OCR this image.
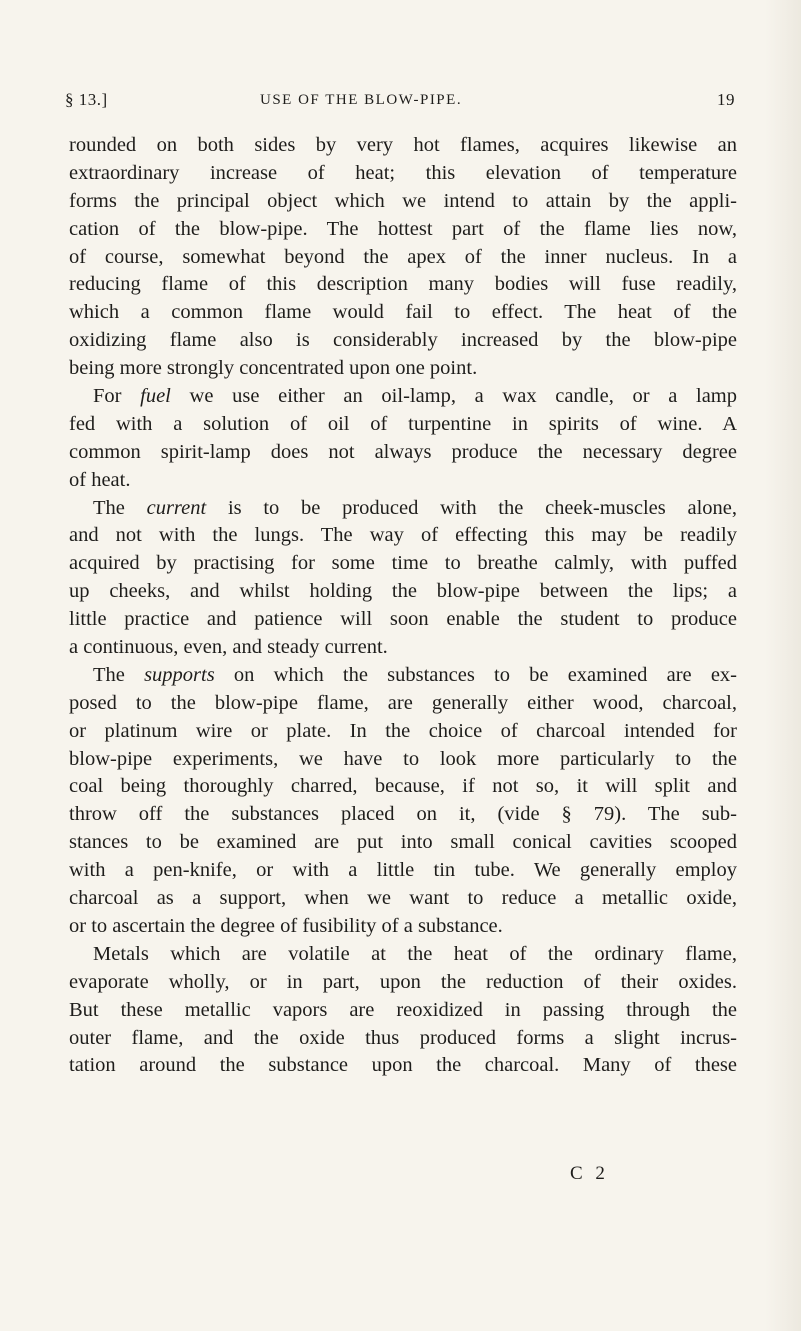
§ 13.]	USE OF THE BLOW-PIPE.	19
rounded on both sides by very hot flames, acquires likewise an
extraordinary increase of heat; this elevation of temperature
forms the principal object which we intend to attain by the appli-
cation of the blow-pipe. The hottest part of the flame lies now,
of course, somewhat beyond the apex of the inner nucleus. In a
reducing flame of this description many bodies will fuse readily,
which a common flame would fail to effect. The heat of the
oxidizing flame also is considerably increased by the blow-pipe
being more strongly concentrated upon one point.
For fuel we use either an oil-lamp, a wax candle, or a lamp
fed with a solution of oil of turpentine in spirits of wine. A
common spirit-lamp does not always produce the necessary degree
of heat.
The current is to be produced with the cheek-muscles alone,
and not with the lungs. The way of effecting this may be readily
acquired by practising for some time to breathe calmly, with puffed
up cheeks, and whilst holding the blow-pipe between the lips; a
little practice and patience will soon enable the student to produce
a continuous, even, and steady current.
The supports on which the substances to be examined are ex-
posed to the blow-pipe flame, are generally either wood, charcoal,
or platinum wire or plate. In the choice of charcoal intended for
blow-pipe experiments, we have to look more particularly to the
coal being thoroughly charred, because, if not so, it will split and
throw off the substances placed on it, (vide § 79). The sub-
stances to be examined are put into small conical cavities scooped
with a pen-knife, or with a little tin tube. We generally employ
charcoal as a support, when we want to reduce a metallic oxide,
or to ascertain the degree of fusibility of a substance.
Metals which are volatile at the heat of the ordinary flame,
evaporate wholly, or in part, upon the reduction of their oxides.
But these metallic vapors are reoxidized in passing through the
outer flame, and the oxide thus produced forms a slight incrus-
tation around the substance upon the charcoal. Many of these
C 2
